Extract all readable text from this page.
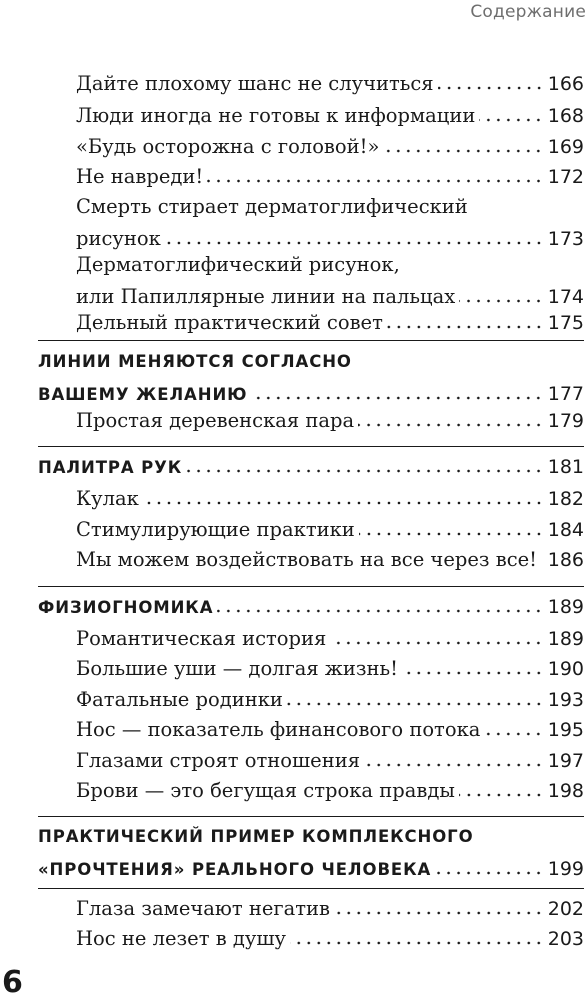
Содержание
Дайте плохому шанс не случиться	166
Люди иногда не готовы к информации	168
«Будь осторожна с головой!»	169
Не навреди!	172
Смерть стирает дерматоглифический
рисунок	173
Дерматоглифический рисунок,
или Папиллярные линии на пальцах	174
Дельный практический совет	175
ЛИНИИ МЕНЯЮТСЯ СОГЛАСНО
ВАШЕМУ ЖЕЛАНИЮ	177
Простая деревенская пара	179
ПАЛИТРА РУК	181
Кулак	182
Стимулирующие практики	184
Мы можем воздействовать на все через все! 186
ФИЗИОГНОМИКА	189
Романтическая история	189
Большие уши — долгая жизнь!	190
Фатальные родинки	193
Нос — показатель финансового потока	195
Глазами строят отношения	197
Брови — это бегущая строка правды	198
ПРАКТИЧЕСКИЙ ПРИМЕР КОМПЛЕКСНОГО
«ПРОЧТЕНИЯ» РЕАЛЬНОГО ЧЕЛОВЕКА	199
Глаза замечают негатив	202
Нос не лезет в душу	203
6
